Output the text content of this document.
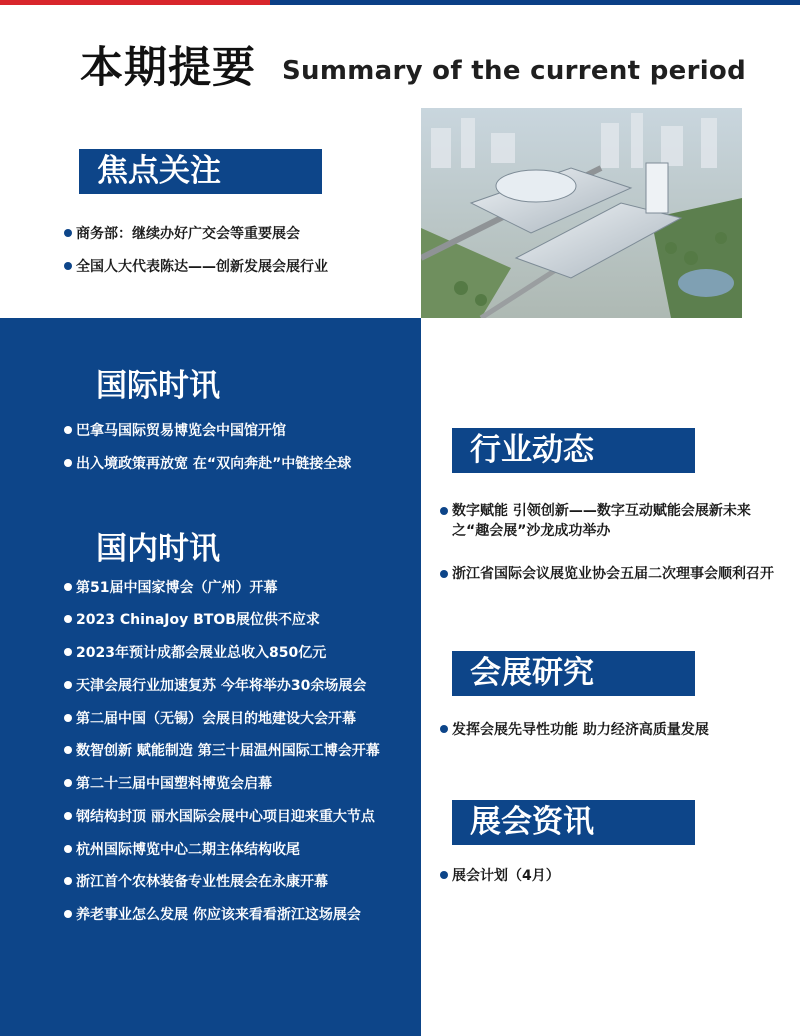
本期提要 Summary of the current period
焦点关注
商务部：继续办好广交会等重要展会
全国人大代表陈达——创新发展会展行业
国际时讯
巴拿马国际贸易博览会中国馆开馆
出入境政策再放宽 在“双向奔赴”中链接全球
国内时讯
第51届中国家博会（广州）开幕
2023 ChinaJoy BTOB展位供不应求
2023年预计成都会展业总收入850亿元
天津会展行业加速复苏 今年将举办30余场展会
第二届中国（无锡）会展目的地建设大会开幕
数智创新 赋能制造 第三十届温州国际工博会开幕
第二十三届中国塑料博览会启幕
钢结构封顶 丽水国际会展中心项目迎来重大节点
杭州国际博览中心二期主体结构收尾
浙江首个农林装备专业性展会在永康开幕
养老事业怎么发展 你应该来看看浙江这场展会
行业动态
数字赋能 引领创新——数字互动赋能会展新未来之“趣会展”沙龙成功举办
浙江省国际会议展览业协会五届二次理事会顺利召开
会展研究
发挥会展先导性功能 助力经济高质量发展
展会资讯
展会计划（4月）
